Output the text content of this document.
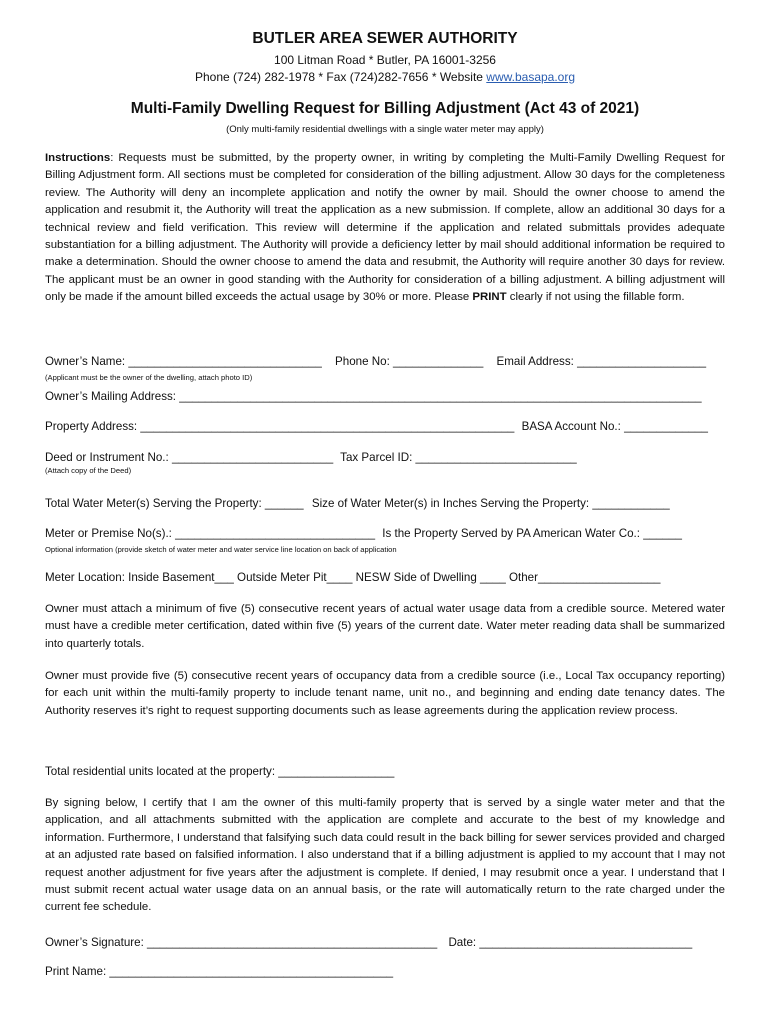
BUTLER AREA SEWER AUTHORITY
100 Litman Road * Butler, PA 16001-3256
Phone (724) 282-1978 * Fax (724)282-7656 * Website www.basapa.org
Multi-Family Dwelling Request for Billing Adjustment (Act 43 of 2021)
(Only multi-family residential dwellings with a single water meter may apply)
Instructions: Requests must be submitted, by the property owner, in writing by completing the Multi-Family Dwelling Request for Billing Adjustment form. All sections must be completed for consideration of the billing adjustment. Allow 30 days for the completeness review. The Authority will deny an incomplete application and notify the owner by mail. Should the owner choose to amend the application and resubmit it, the Authority will treat the application as a new submission. If complete, allow an additional 30 days for a technical review and field verification. This review will determine if the application and related submittals provides adequate substantiation for a billing adjustment. The Authority will provide a deficiency letter by mail should additional information be required to make a determination. Should the owner choose to amend the data and resubmit, the Authority will require another 30 days for review. The applicant must be an owner in good standing with the Authority for consideration of a billing adjustment. A billing adjustment will only be made if the amount billed exceeds the actual usage by 30% or more. Please PRINT clearly if not using the fillable form.
Owner’s Name: ______________________________ Phone No: ______________ Email Address: ____________________
(Applicant must be the owner of the dwelling, attach photo ID)
Owner’s Mailing Address: _________________________________________________________________________________
Property Address: __________________________________________________________ BASA Account No.: _____________
Deed or Instrument No.: _________________________ Tax Parcel ID: _________________________
(Attach copy of the Deed)
Total Water Meter(s) Serving the Property: ______ Size of Water Meter(s) in Inches Serving the Property: ____________
Meter or Premise No(s).: _______________________________ Is the Property Served by PA American Water Co.: ______
Optional information (provide sketch of water meter and water service line location on back of application
Meter Location: Inside Basement___ Outside Meter Pit____ NESW Side of Dwelling ____ Other___________________
Owner must attach a minimum of five (5) consecutive recent years of actual water usage data from a credible source. Metered water must have a credible meter certification, dated within five (5) years of the current date. Water meter reading data shall be summarized into quarterly totals.
Owner must provide five (5) consecutive recent years of occupancy data from a credible source (i.e., Local Tax occupancy reporting) for each unit within the multi-family property to include tenant name, unit no., and beginning and ending date tenancy dates. The Authority reserves it’s right to request supporting documents such as lease agreements during the application review process.
Total residential units located at the property: __________________
By signing below, I certify that I am the owner of this multi-family property that is served by a single water meter and that the application, and all attachments submitted with the application are complete and accurate to the best of my knowledge and information. Furthermore, I understand that falsifying such data could result in the back billing for sewer services provided and charged at an adjusted rate based on falsified information. I also understand that if a billing adjustment is applied to my account that I may not request another adjustment for five years after the adjustment is complete. If denied, I may resubmit once a year. I understand that I must submit recent actual water usage data on an annual basis, or the rate will automatically return to the rate charged under the current fee schedule.
Owner’s Signature: _____________________________________________ Date: _________________________________
Print Name: ____________________________________________
